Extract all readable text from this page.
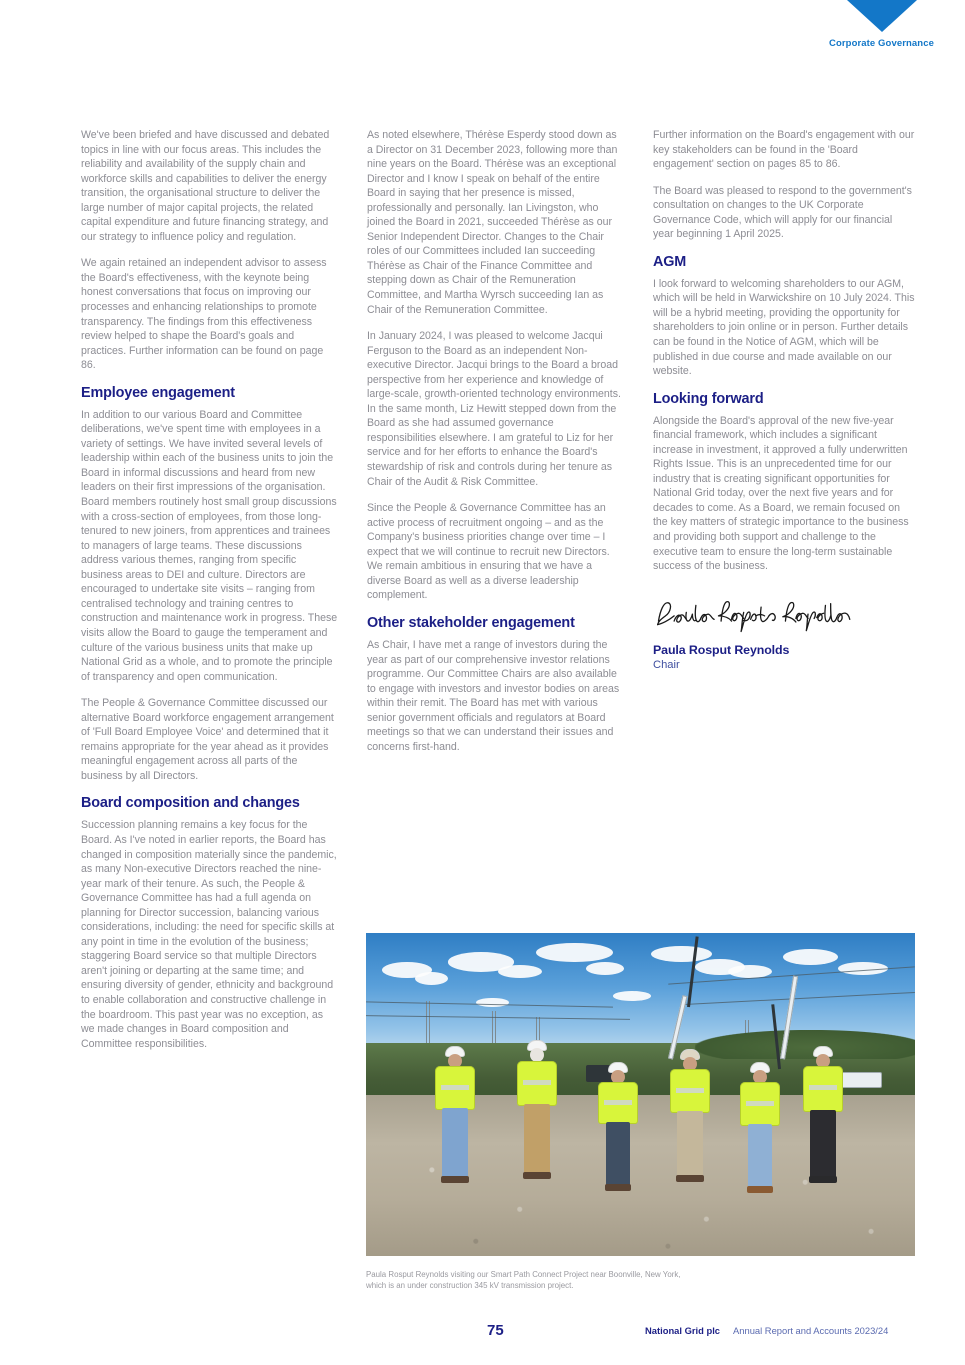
Corporate Governance

We've been briefed and have discussed and debated topics in line with our focus areas. This includes the reliability and availability of the supply chain and workforce skills and capabilities to deliver the energy transition, the organisational structure to deliver the large number of major capital projects, the related capital expenditure and future financing strategy, and our strategy to influence policy and regulation.

We again retained an independent advisor to assess the Board's effectiveness, with the keynote being honest conversations that focus on improving our processes and enhancing relationships to promote transparency. The findings from this effectiveness review helped to shape the Board's goals and practices. Further information can be found on page 86.

Employee engagement

In addition to our various Board and Committee deliberations, we've spent time with employees in a variety of settings. We have invited several levels of leadership within each of the business units to join the Board in informal discussions and heard from new leaders on their first impressions of the organisation. Board members routinely host small group discussions with a cross-section of employees, from those long-tenured to new joiners, from apprentices and trainees to managers of large teams. These discussions address various themes, ranging from specific business areas to DEI and culture. Directors are encouraged to undertake site visits – ranging from centralised technology and training centres to construction and maintenance work in progress. These visits allow the Board to gauge the temperament and culture of the various business units that make up National Grid as a whole, and to promote the principle of transparency and open communication.

The People & Governance Committee discussed our alternative Board workforce engagement arrangement of 'Full Board Employee Voice' and determined that it remains appropriate for the year ahead as it provides meaningful engagement across all parts of the business by all Directors.

Board composition and changes

Succession planning remains a key focus for the Board. As I've noted in earlier reports, the Board has changed in composition materially since the pandemic, as many Non-executive Directors reached the nine-year mark of their tenure. As such, the People & Governance Committee has had a full agenda on planning for Director succession, balancing various considerations, including: the need for specific skills at any point in time in the evolution of the business; staggering Board service so that multiple Directors aren't joining or departing at the same time; and ensuring diversity of gender, ethnicity and background to enable collaboration and constructive challenge in the boardroom. This past year was no exception, as we made changes in Board composition and Committee responsibilities.

As noted elsewhere, Thérèse Esperdy stood down as a Director on 31 December 2023, following more than nine years on the Board. Thérèse was an exceptional Director and I know I speak on behalf of the entire Board in saying that her presence is missed, professionally and personally. Ian Livingston, who joined the Board in 2021, succeeded Thérèse as our Senior Independent Director. Changes to the Chair roles of our Committees included Ian succeeding Thérèse as Chair of the Finance Committee and stepping down as Chair of the Remuneration Committee, and Martha Wyrsch succeeding Ian as Chair of the Remuneration Committee.

In January 2024, I was pleased to welcome Jacqui Ferguson to the Board as an independent Non-executive Director. Jacqui brings to the Board a broad perspective from her experience and knowledge of large-scale, growth-oriented technology environments. In the same month, Liz Hewitt stepped down from the Board as she had assumed governance responsibilities elsewhere. I am grateful to Liz for her service and for her efforts to enhance the Board's stewardship of risk and controls during her tenure as Chair of the Audit & Risk Committee.

Since the People & Governance Committee has an active process of recruitment ongoing – and as the Company's business priorities change over time – I expect that we will continue to recruit new Directors. We remain ambitious in ensuring that we have a diverse Board as well as a diverse leadership complement.

Other stakeholder engagement

As Chair, I have met a range of investors during the year as part of our comprehensive investor relations programme. Our Committee Chairs are also available to engage with investors and investor bodies on areas within their remit. The Board has met with various senior government officials and regulators at Board meetings so that we can understand their issues and concerns first-hand.

Further information on the Board's engagement with our key stakeholders can be found in the 'Board engagement' section on pages 85 to 86.

The Board was pleased to respond to the government's consultation on changes to the UK Corporate Governance Code, which will apply for our financial year beginning 1 April 2025.

AGM

I look forward to welcoming shareholders to our AGM, which will be held in Warwickshire on 10 July 2024. This will be a hybrid meeting, providing the opportunity for shareholders to join online or in person. Further details can be found in the Notice of AGM, which will be published in due course and made available on our website.

Looking forward

Alongside the Board's approval of the new five-year financial framework, which includes a significant increase in investment, it approved a fully underwritten Rights Issue. This is an unprecedented time for our industry that is creating significant opportunities for National Grid today, over the next five years and for decades to come. As a Board, we remain focused on the key matters of strategic importance to the business and providing both support and challenge to the executive team to ensure the long-term sustainable success of the business.

Paula Rosput Reynolds
Chair
Paula Rosput Reynolds visiting our Smart Path Connect Project near Boonville, New York,
which is an under construction 345 kV transmission project.
75	National Grid plc Annual Report and Accounts 2023/24
